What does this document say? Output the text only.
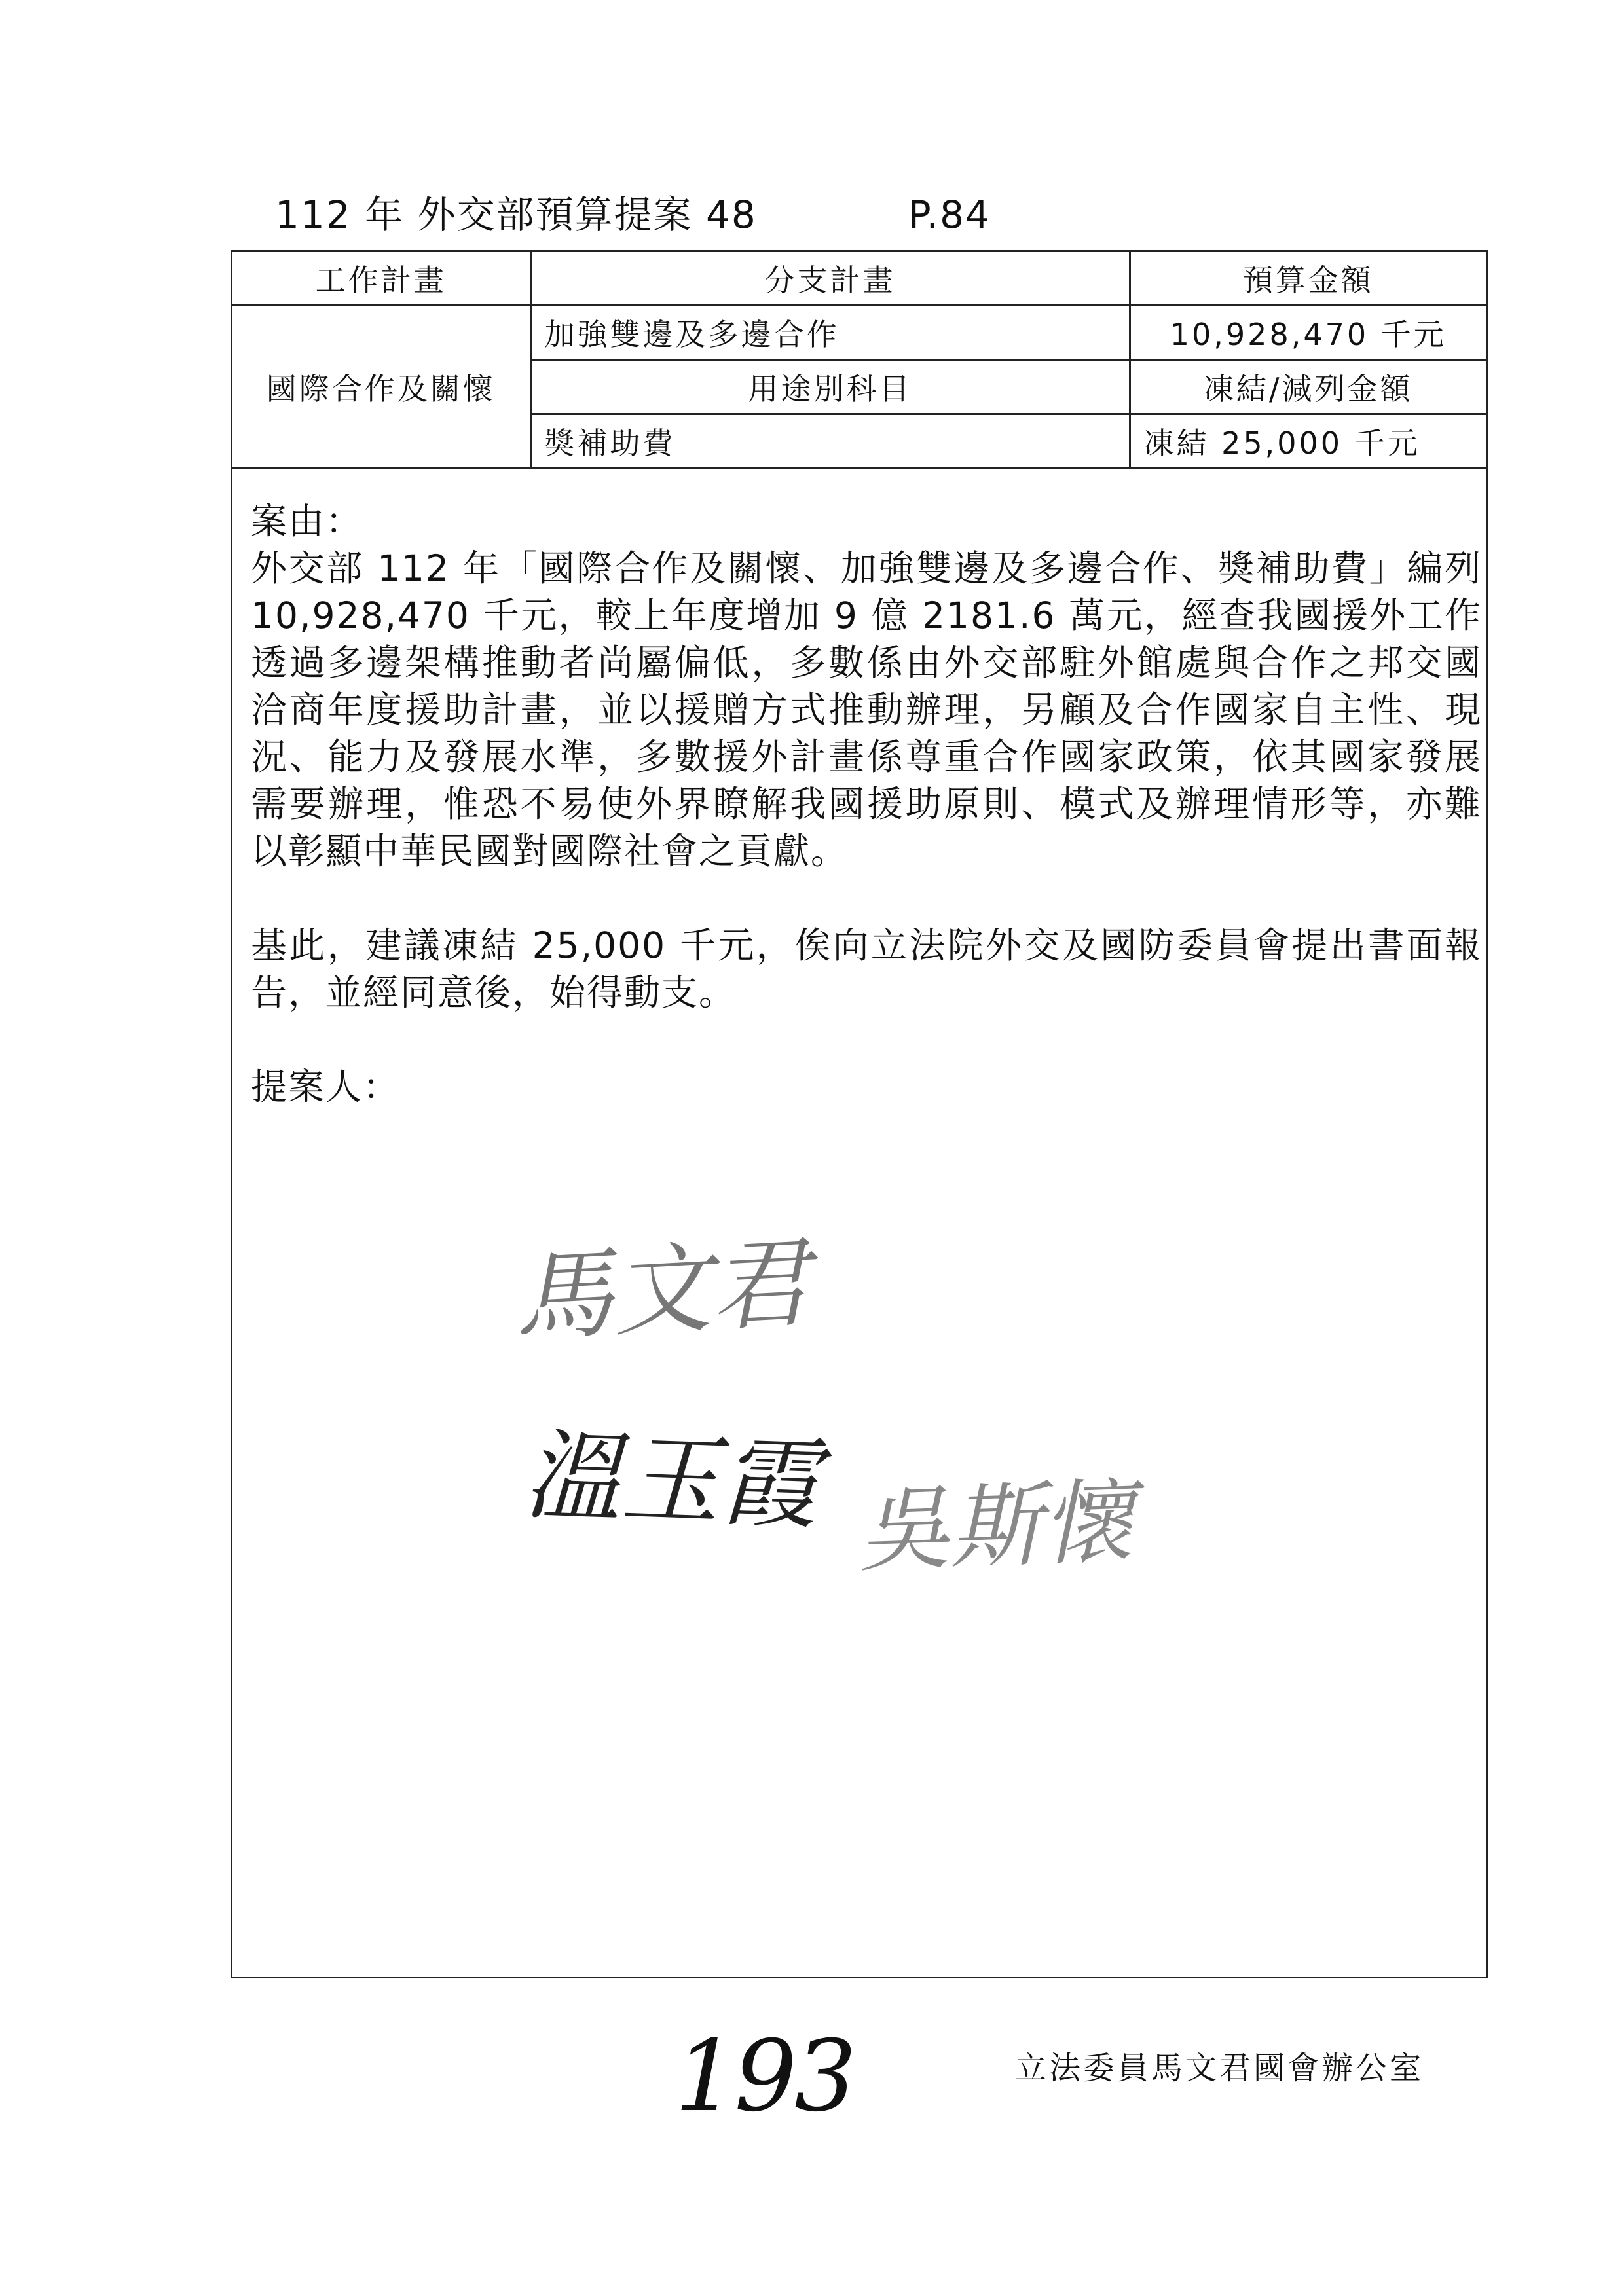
112 年 外交部預算提案 48	P.84
工作計畫	分支計畫	預算金額
國際合作及關懷	加強雙邊及多邊合作	10,928,470 千元
	用途別科目	凍結/減列金額
	獎補助費	凍結 25,000 千元

案由：

外交部 112 年「國際合作及關懷、加強雙邊及多邊合作、獎補助費」編列 10,928,470 千元，較上年度增加 9 億 2181.6 萬元，經查我國援外工作透過多邊架構推動者尚屬偏低，多數係由外交部駐外館處與合作之邦交國洽商年度援助計畫，並以援贈方式推動辦理，另顧及合作國家自主性、現況、能力及發展水準，多數援外計畫係尊重合作國家政策，依其國家發展需要辦理，惟恐不易使外界瞭解我國援助原則、模式及辦理情形等，亦難以彰顯中華民國對國際社會之貢獻。

基此，建議凍結 25,000 千元，俟向立法院外交及國防委員會提出書面報告，並經同意後，始得動支。

提案人：

馬文君
溫玉霞 吳斯懷
193	立法委員馬文君國會辦公室
